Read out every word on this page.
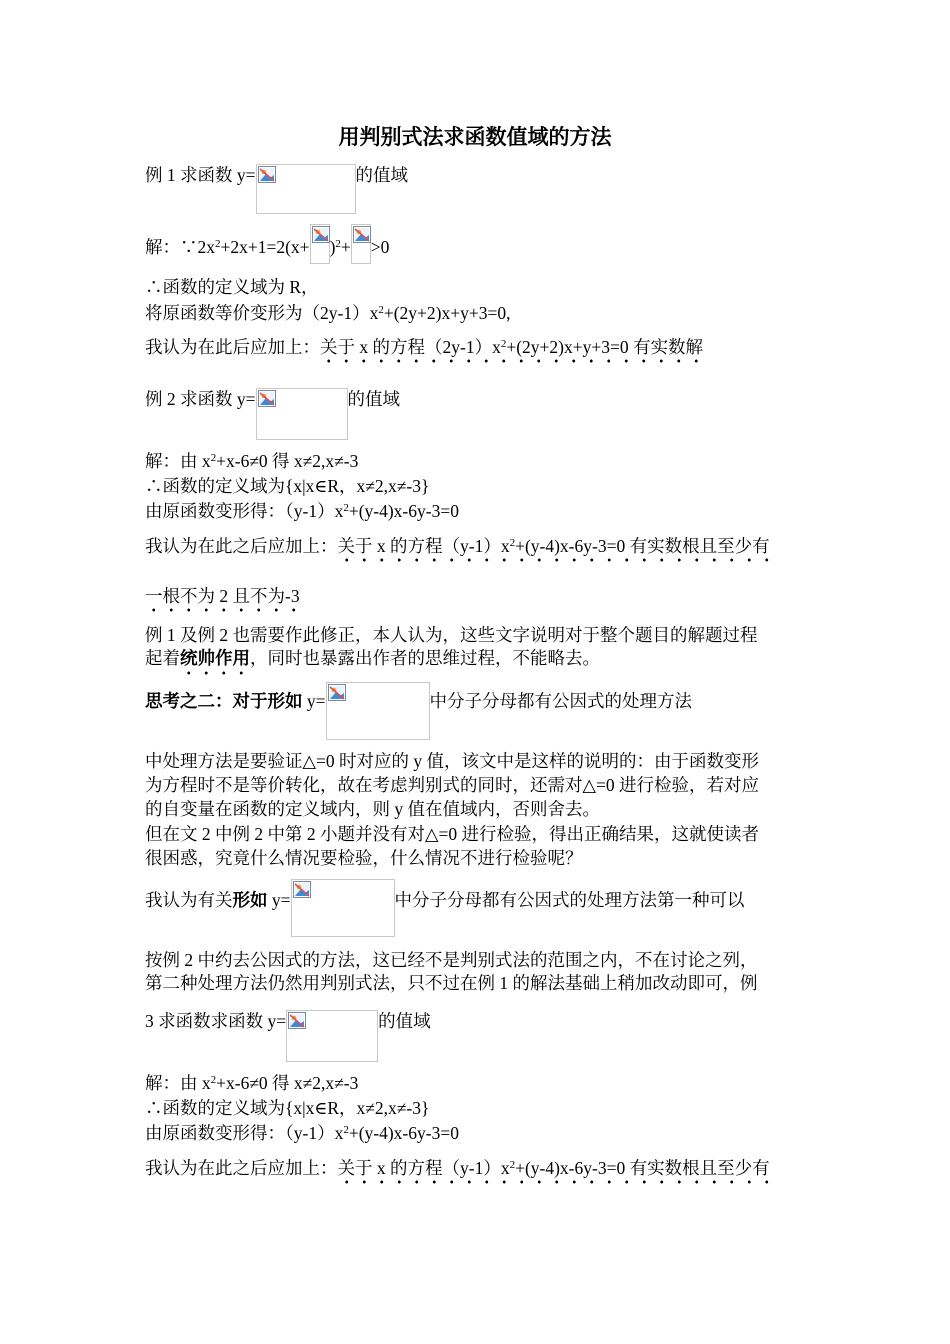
用判别式法求函数值域的方法
例 1 求函数 y=	的值域
解：$\because 2x^2+2x+1=2(x+ )^2+ >0$
∴函数的定义域为 R，
将原函数等价变形为$(2y-1)x^2+(2y+2)x+y+3=0$,
我认为在此后应加上：关于 x 的方程$(2y-1)x^2+(2y+2)x+y+3=0$ 有实数解
例 2 求函数 y=	的值域
解：由 $x^2+x-6\ne 0$ 得 x≠2,x≠-3
∴函数的定义域为{x|x∈R，x≠2,x≠-3}
由原函数变形得：$(y-1)x^2+(y-4)x-6y-3=0$
我认为在此之后应加上：关于 x 的方程$(y-1)x^2+(y-4)x-6y-3=0$ 有实数根且至少有
一根不为 2 且不为-3
例 1 及例 2 也需要作此修正，本人认为，这些文字说明对于整个题目的解题过程
起着统帅作用，同时也暴露出作者的思维过程，不能略去。
思考之二：对于形如 y=	中分子分母都有公因式的处理方法
中处理方法是要验证△=0 时对应的 y 值，该文中是这样的说明的：由于函数变形
为方程时不是等价转化，故在考虑判别式的同时，还需对△=0 进行检验，若对应
的自变量在函数的定义域内，则 y 值在值域内，否则舍去。
但在文 2 中例 2 中第 2 小题并没有对△=0 进行检验，得出正确结果，这就使读者
很困惑，究竟什么情况要检验，什么情况不进行检验呢？
我认为有关形如 y=	中分子分母都有公因式的处理方法第一种可以
按例 2 中约去公因式的方法，这已经不是判别式法的范围之内，不在讨论之列，
第二种处理方法仍然用判别式法，只不过在例 1 的解法基础上稍加改动即可，例
3 求函数求函数 y=	的值域
解：由 $x^2+x-6\ne 0$ 得 x≠2,x≠-3
∴函数的定义域为{x|x∈R，x≠2,x≠-3}
由原函数变形得：$(y-1)x^2+(y-4)x-6y-3=0$
我认为在此之后应加上：关于 x 的方程$(y-1)x^2+(y-4)x-6y-3=0$ 有实数根且至少有
